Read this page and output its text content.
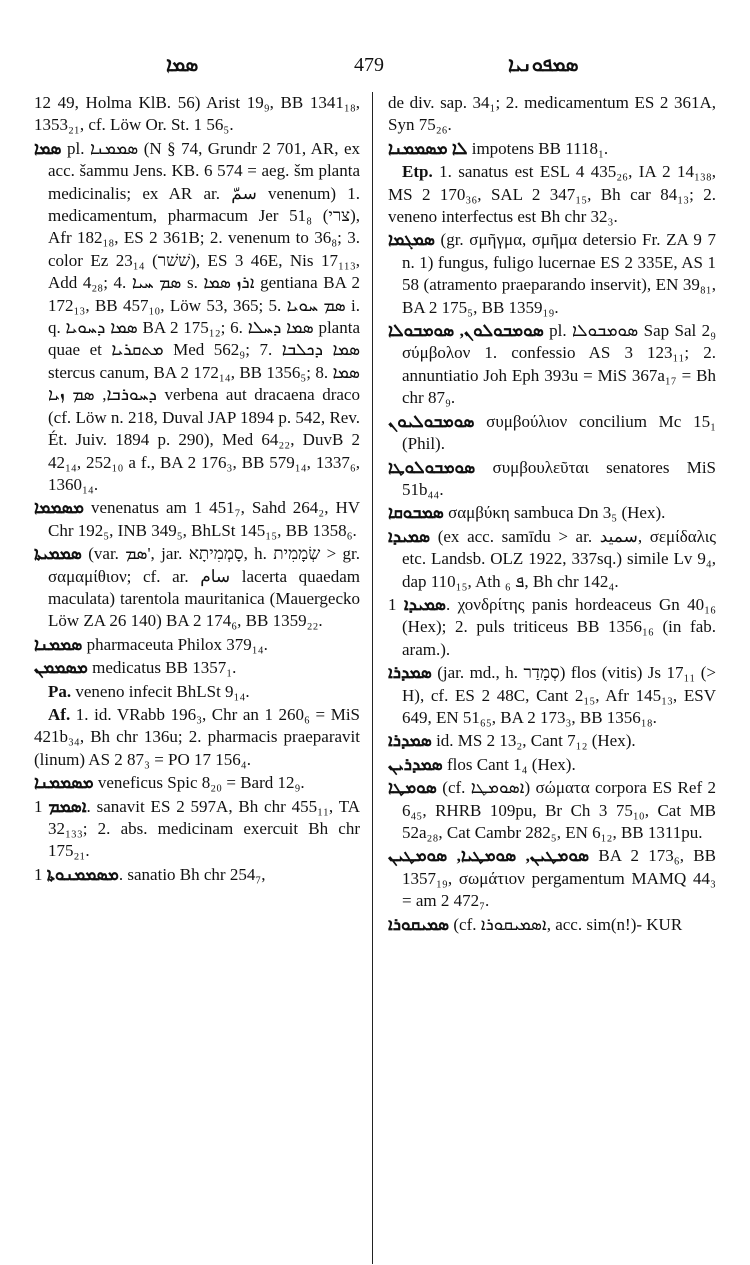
ܣܡܐ	479	ܣܡܦܘܢܝܐ
12 49, Holma KlB. 56) Arist 19₉, BB 1341₁₈, 1353₂₁, cf. Löw Or. St. 1 56₅.
ܣܡܐ pl. ܣܡܡܢܐ (N § 74, Grundr 2 701, AR, ex acc. šammu Jens. KB. 6 574 = aeg. šm planta medicinalis; ex AR ar. سمّ venenum) 1. medicamentum, pharmacum Jer 51₈ (צרי), Afr 182₁₈, ES 2 361B; 2. venenum to 36₈; 3. color Ez 23₁₄ (שׁשׁר), ES 3 46E, Nis 17₁₁₃, Add 4₂₈; 4. ܣܡ ܚܝܐ s. ܐܪܙ ܣܡܐ gentiana BA 2 172₁₃, BB 457₁₀, Löw 53, 365; 5. ܣܡ ܚܘܝܐ i. q. ܣܡܐ ܕܚܘܝܐ BA 2 175₁₂; 6. ܣܡܐ ܕܚܠܐ planta quae et ܡܬܩܪܝܐ Med 562₉; 7. ܣܡܐ ܕܟܠܒܐ stercus canum, BA 2 172₁₄, BB 1356₅; 8. ܣܡܐ ܕܚܘܪܒܐ, ܣܡ ܙܝܐ verbena aut dracaena draco (cf. Löw n. 218, Duval JAP 1894 p. 542, Rev. Ét. Juiv. 1894 p. 290), Med 64₂₂, DuvB 2 42₁₄, 252₁₀ a f., BA 2 176₃, BB 579₁₄, 1337₆, 1360₁₄.
ܡܣܡܡܐ venenatus am 1 451₇, Sahd 264₂, HV Chr 192₅, INB 349₅, BhLSt 145₁₅, BB 1358₆.
ܣܡܡܝܬܐ (var. ܣܡ', jar. סָמְמִיתָא, h. שְׂמָמִית > gr. σαμαμίθιον; cf. ar. سام lacerta quaedam maculata) tarentola mauritanica (Mauergecko Löw ZA 26 140) BA 2 174₆, BB 1359₂₂.
ܣܡܡܢܐ pharmaceuta Philox 379₁₄.
ܡܣܡܡܢ medicatus BB 1357₁.
Pa. veneno infecit BhLSt 9₁₄.
Af. 1. id. VRabb 196₃, Chr an 1 260₆ = MiS 421b₃₄, Bh chr 136u; 2. pharmacis praeparavit (linum) AS 2 87₃ = PO 17 156₄.
ܡܣܡܡܢܐ veneficus Spic 8₂₀ = Bard 12₉.
ܐܣܡܡ 1. sanavit ES 2 597A, Bh chr 455₁₁, TA 32₁₃₃; 2. abs. medicinam exercuit Bh chr 175₂₁.
ܡܣܡܡܢܘܬܐ 1. sanatio Bh chr 254₇,
de div. sap. 34₁; 2. medicamentum ES 2 361A, Syn 75₂₆.
ܠܐ ܡܣܡܡܢܐ impotens BB 1118₁.
Etp. 1. sanatus est ESL 4 435₂₆, IA 2 14₁₃₈, MS 2 170₃₆, SAL 2 347₁₅, Bh car 84₁₃; 2. veneno interfectus est Bh chr 32₃.
ܣܡܓܡܐ (gr. σμῆγμα, σμῆμα detersio Fr. ZA 9 7 n. 1) fungus, fuligo lucernae ES 2 335E, AS 1 58 (atramento praeparando inservit), EN 39₈₁, BA 2 175₅, BB 1359₁₉.
ܣܘܡܒܘܠܘܢ, ܣܘܡܒܘܠܐ pl. ܣܘܡܒܘܠܐ Sap Sal 2₉ σύμβολον 1. confessio AS 3 123₁₁; 2. annuntiatio Joh Eph 393u = MiS 367a₁₇ = Bh chr 87₉.
ܣܘܡܒܘܠܝܘܢ συμβούλιον concilium Mc 15₁ (Phil).
ܣܘܡܒܘܠܘܛܐ συμβουλεῦται senatores MiS 51b₄₄.
ܣܡܒܘܩܐ σαμβύκη sambuca Dn 3₅ (Hex).
ܣܡܝܕܐ (ex acc. samīdu > ar. سميد, σεμίδαλις etc. Landsb. OLZ 1922, 337sq.) simile Lv 9₄, dap 110₁₅, Ath ܦ ₆, Bh chr 142₄.
ܣܡܝܕܐ 1. χονδρίτης panis hordeaceus Gn 40₁₆ (Hex); 2. puls triticeus BB 1356₁₆ (in fab. aram.).
ܣܡܕܪܐ (jar. md., h. סְמָדַר) flos (vitis) Js 17₁₁ (> H), cf. ES 2 48C, Cant 2₁₅, Afr 145₁₃, ESV 649, EN 51₆₅, BA 2 173₃, BB 1356₁₈.
ܣܡܕܪܐ id. MS 2 13₂, Cant 7₁₂ (Hex).
ܣܡܕܪܝܢ flos Cant 1₄ (Hex).
ܣܘܡܛܐ (cf. ܐܣܘܡܛܐ) σώματα corpora ES Ref 2 6₄₅, RHRB 109pu, Br Ch 3 75₁₀, Cat MB 52a₂₈, Cat Cambr 282₅, EN 6₁₂, BB 1311pu.
ܣܘܡܛܝܢ, ܣܘܡܛܝܐ, ܣܘܡܛܝܢ BA 2 173₆, BB 1357₁₉, σωμάτιον pergamentum MAMQ 44₃ = am 2 472₇.
ܣܡܝܩܘܪܐ (cf. ܐܣܡܝܩܘܪܐ, acc. sim(n!)- KUR
